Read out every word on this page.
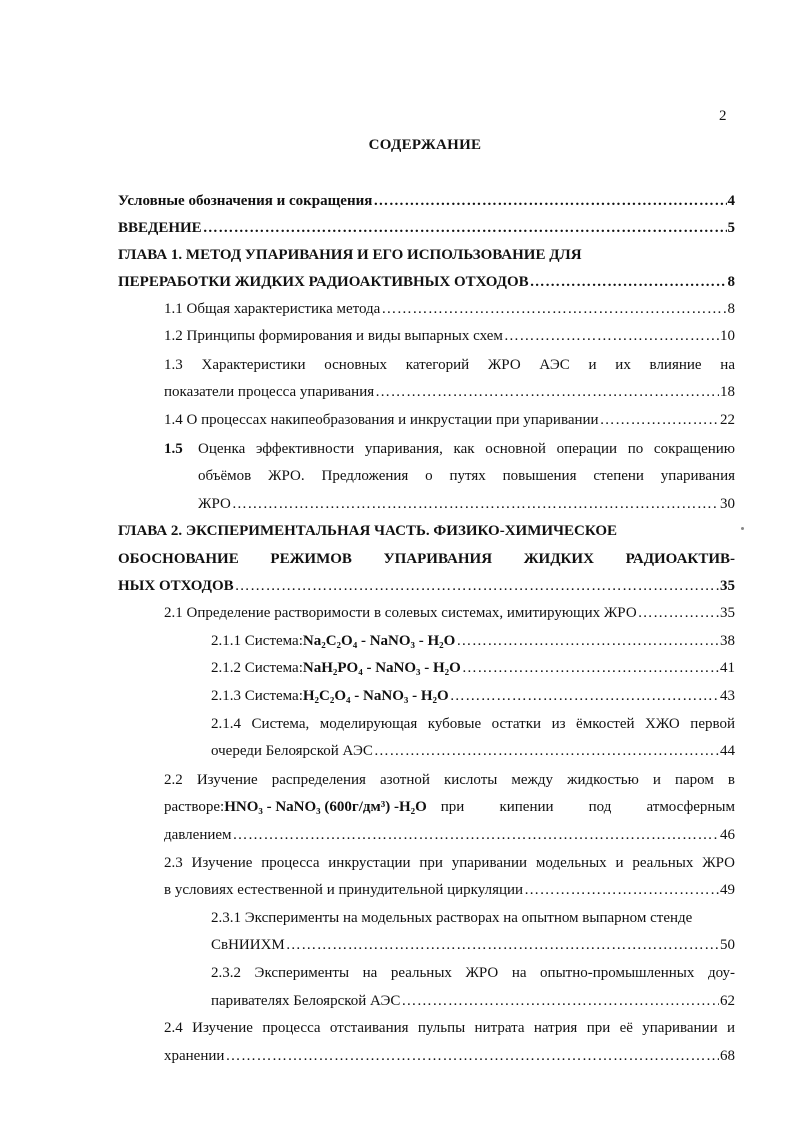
2
СОДЕРЖАНИЕ
Условные обозначения и сокращения ……………………………………………………………………………………………………………………………………………………………………………………………………………………	4
ВВЕДЕНИЕ ……………………………………………………………………………………………………………………………………………………………………………………………………………………	5
ГЛАВА 1. МЕТОД УПАРИВАНИЯ И ЕГО ИСПОЛЬЗОВАНИЕ ДЛЯ
ПЕРЕРАБОТКИ ЖИДКИХ РАДИОАКТИВНЫХ ОТХОДОВ ……………………………………………………………………………………………………………………………………………………………………………………………………………………	8
1.1 Общая характеристика метода ……………………………………………………………………………………………………………………………………………………………………………………………………………………	8
1.2 Принципы формирования и виды выпарных схем ……………………………………………………………………………………………………………………………………………………………………………………………………………………	10
1.3 Характеристики основных категорий ЖРО АЭС и их влияние на
показатели процесса упаривания ……………………………………………………………………………………………………………………………………………………………………………………………………………………	18
1.4 О процессах накипеобразования и инкрустации при упаривании ……………………………………………………………………………………………………………………………………………………………………………………………………………………	22
1.5 Оценка эффективности упаривания, как основной операции по сокращению
объёмов ЖРО. Предложения о путях повышения степени упаривания
ЖРО ……………………………………………………………………………………………………………………………………………………………………………………………………………………	30
ГЛАВА 2. ЭКСПЕРИМЕНТАЛЬНАЯ ЧАСТЬ. ФИЗИКО-ХИМИЧЕСКОЕ
ОБОСНОВАНИЕ РЕЖИМОВ УПАРИВАНИЯ ЖИДКИХ РАДИОАКТИВ-
НЫХ ОТХОДОВ ……………………………………………………………………………………………………………………………………………………………………………………………………………………	35
2.1 Определение растворимости в солевых системах, имитирующих ЖРО ……………………………………………………………………………………………………………………………………………………………………………………………………………………	35
2.1.1 Система: Na₂C₂O₄ - NaNO₃ - H₂O ……………………………………………………………………………………………………………………………………………………………………………………………………………………	38
2.1.2 Система: NaH₂PO₄ - NaNO₃ - H₂O ……………………………………………………………………………………………………………………………………………………………………………………………………………………	41
2.1.3 Система: H₂C₂O₄ - NaNO₃ - H₂O ……………………………………………………………………………………………………………………………………………………………………………………………………………………	43
2.1.4 Система, моделирующая кубовые остатки из ёмкостей ХЖО первой
очереди Белоярской АЭС ……………………………………………………………………………………………………………………………………………………………………………………………………………………	44
2.2 Изучение распределения азотной кислоты между жидкостью и паром в
растворе: HNO₃ - NaNO₃ (600г/дм³) -H₂O при кипении под атмосферным
давлением ……………………………………………………………………………………………………………………………………………………………………………………………………………………	46
2.3 Изучение процесса инкрустации при упаривании модельных и реальных ЖРО
в условиях естественной и принудительной циркуляции ……………………………………………………………………………………………………………………………………………………………………………………………………………………	49
2.3.1 Эксперименты на модельных растворах на опытном выпарном стенде
СвНИИХМ ……………………………………………………………………………………………………………………………………………………………………………………………………………………	50
2.3.2 Эксперименты на реальных ЖРО на опытно-промышленных доу-
паривателях Белоярской АЭС ……………………………………………………………………………………………………………………………………………………………………………………………………………………	62
2.4 Изучение процесса отстаивания пульпы нитрата натрия при её упаривании и
хранении ……………………………………………………………………………………………………………………………………………………………………………………………………………………	68
